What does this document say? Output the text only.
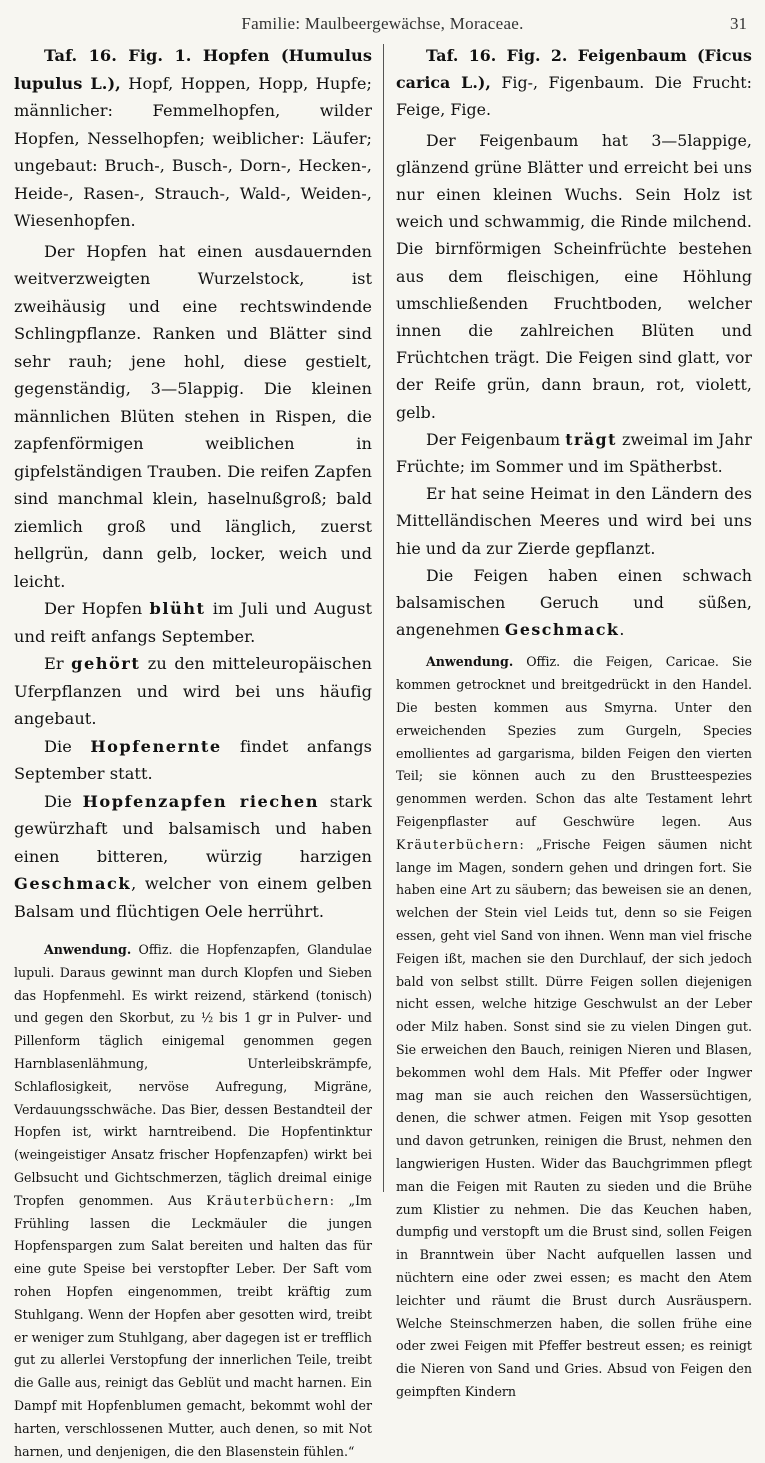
Familie: Maulbeergewächse, Moraceae.	31

Taf. 16. Fig. 1. Hopfen (Humulus lupulus L.), Hopf, Hoppen, Hopp, Hupfe; männlicher: Femmelhopfen, wilder Hopfen, Nesselhopfen; weiblicher: Läufer; ungebaut: Bruch-, Busch-, Dorn-, Hecken-, Heide-, Rasen-, Strauch-, Wald-, Weiden-, Wiesenhopfen.

Der Hopfen hat einen ausdauernden weitverzweigten Wurzelstock, ist zweihäusig und eine rechtswindende Schlingpflanze. Ranken und Blätter sind sehr rauh; jene hohl, diese gestielt, gegenständig, 3—5lappig. Die kleinen männlichen Blüten stehen in Rispen, die zapfenförmigen weiblichen in gipfelständigen Trauben. Die reifen Zapfen sind manchmal klein, haselnußgroß; bald ziemlich groß und länglich, zuerst hellgrün, dann gelb, locker, weich und leicht.

Der Hopfen blüht im Juli und August und reift anfangs September.

Er gehört zu den mitteleuropäischen Uferpflanzen und wird bei uns häufig angebaut.

Die Hopfenernte findet anfangs September statt.

Die Hopfenzapfen riechen stark gewürzhaft und balsamisch und haben einen bitteren, würzig harzigen Geschmack, welcher von einem gelben Balsam und flüchtigen Oele herrührt.

Anwendung. Offiz. die Hopfenzapfen, Glandulae lupuli. Daraus gewinnt man durch Klopfen und Sieben das Hopfenmehl. Es wirkt reizend, stärkend (tonisch) und gegen den Skorbut, zu ½ bis 1 gr in Pulver- und Pillenform täglich einigemal genommen gegen Harnblasenlähmung, Unterleibskrämpfe, Schlaflosigkeit, nervöse Aufregung, Migräne, Verdauungsschwäche. Das Bier, dessen Bestandteil der Hopfen ist, wirkt harntreibend. Die Hopfentinktur (weingeistiger Ansatz frischer Hopfenzapfen) wirkt bei Gelbsucht und Gichtschmerzen, täglich dreimal einige Tropfen genommen. Aus Kräuterbüchern: „Im Frühling lassen die Leckmäuler die jungen Hopfenspargen zum Salat bereiten und halten das für eine gute Speise bei verstopfter Leber. Der Saft vom rohen Hopfen eingenommen, treibt kräftig zum Stuhlgang. Wenn der Hopfen aber gesotten wird, treibt er weniger zum Stuhlgang, aber dagegen ist er trefflich gut zu allerlei Verstopfung der innerlichen Teile, treibt die Galle aus, reinigt das Geblüt und macht harnen. Ein Dampf mit Hopfenblumen gemacht, bekommt wohl der harten, verschlossenen Mutter, auch denen, so mit Not harnen, und denjenigen, die den Blasenstein fühlen.“

Taf. 16. Fig. 2. Feigenbaum (Ficus carica L.), Fig-, Figenbaum. Die Frucht: Feige, Fige.

Der Feigenbaum hat 3—5lappige, glänzend grüne Blätter und erreicht bei uns nur einen kleinen Wuchs. Sein Holz ist weich und schwammig, die Rinde milchend. Die birnförmigen Scheinfrüchte bestehen aus dem fleischigen, eine Höhlung umschließenden Fruchtboden, welcher innen die zahlreichen Blüten und Früchtchen trägt. Die Feigen sind glatt, vor der Reife grün, dann braun, rot, violett, gelb.

Der Feigenbaum trägt zweimal im Jahr Früchte; im Sommer und im Spätherbst.

Er hat seine Heimat in den Ländern des Mittelländischen Meeres und wird bei uns hie und da zur Zierde gepflanzt.

Die Feigen haben einen schwach balsamischen Geruch und süßen, angenehmen Geschmack.

Anwendung. Offiz. die Feigen, Caricae. Sie kommen getrocknet und breitgedrückt in den Handel. Die besten kommen aus Smyrna. Unter den erweichenden Spezies zum Gurgeln, Species emollientes ad gargarisma, bilden Feigen den vierten Teil; sie können auch zu den Brustteespezies genommen werden. Schon das alte Testament lehrt Feigenpflaster auf Geschwüre legen. Aus Kräuterbüchern: „Frische Feigen säumen nicht lange im Magen, sondern gehen und dringen fort. Sie haben eine Art zu säubern; das beweisen sie an denen, welchen der Stein viel Leids tut, denn so sie Feigen essen, geht viel Sand von ihnen. Wenn man viel frische Feigen ißt, machen sie den Durchlauf, der sich jedoch bald von selbst stillt. Dürre Feigen sollen diejenigen nicht essen, welche hitzige Geschwulst an der Leber oder Milz haben. Sonst sind sie zu vielen Dingen gut. Sie erweichen den Bauch, reinigen Nieren und Blasen, bekommen wohl dem Hals. Mit Pfeffer oder Ingwer mag man sie auch reichen den Wassersüchtigen, denen, die schwer atmen. Feigen mit Ysop gesotten und davon getrunken, reinigen die Brust, nehmen den langwierigen Husten. Wider das Bauchgrimmen pflegt man die Feigen mit Rauten zu sieden und die Brühe zum Klistier zu nehmen. Die das Keuchen haben, dumpfig und verstopft um die Brust sind, sollen Feigen in Branntwein über Nacht aufquellen lassen und nüchtern eine oder zwei essen; es macht den Atem leichter und räumt die Brust durch Ausräuspern. Welche Steinschmerzen haben, die sollen frühe eine oder zwei Feigen mit Pfeffer bestreut essen; es reinigt die Nieren von Sand und Gries. Absud von Feigen den geimpften Kindern
